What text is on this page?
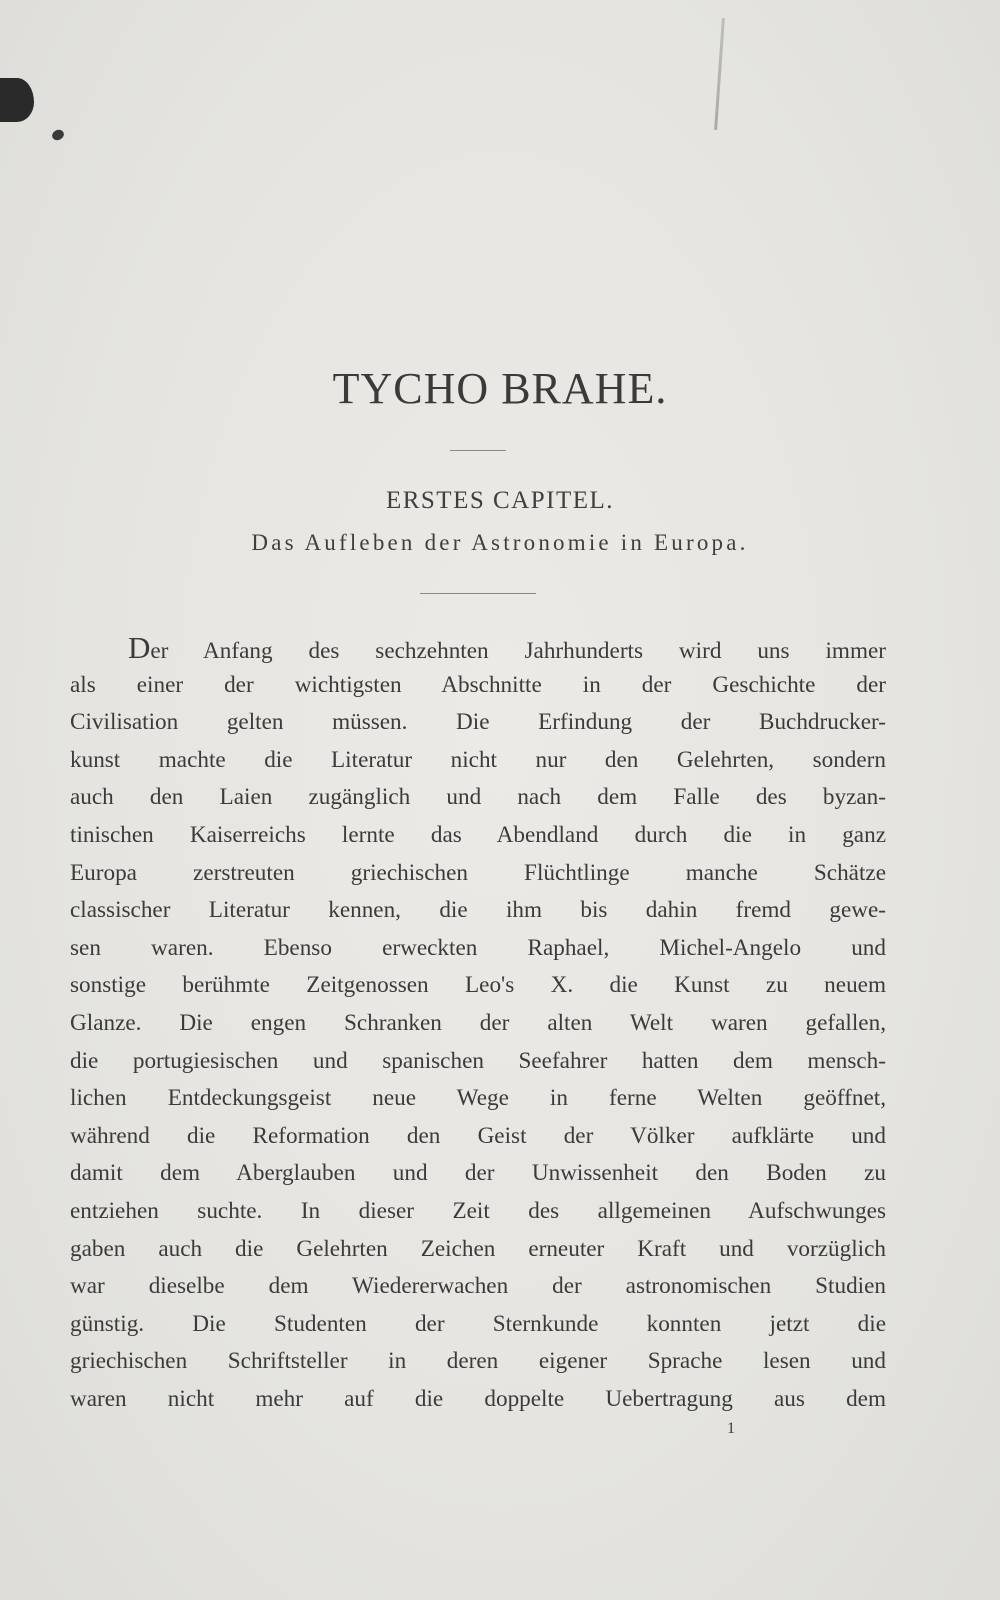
TYCHO BRAHE.
ERSTES CAPITEL.
Das Aufleben der Astronomie in Europa.
Der Anfang des sechzehnten Jahrhunderts wird uns immer
als einer der wichtigsten Abschnitte in der Geschichte der
Civilisation gelten müssen. Die Erfindung der Buchdrucker-
kunst machte die Literatur nicht nur den Gelehrten, sondern
auch den Laien zugänglich und nach dem Falle des byzan-
tinischen Kaiserreichs lernte das Abendland durch die in ganz
Europa zerstreuten griechischen Flüchtlinge manche Schätze
classischer Literatur kennen, die ihm bis dahin fremd gewe-
sen waren. Ebenso erweckten Raphael, Michel-Angelo und
sonstige berühmte Zeitgenossen Leo's X. die Kunst zu neuem
Glanze. Die engen Schranken der alten Welt waren gefallen,
die portugiesischen und spanischen Seefahrer hatten dem mensch-
lichen Entdeckungsgeist neue Wege in ferne Welten geöffnet,
während die Reformation den Geist der Völker aufklärte und
damit dem Aberglauben und der Unwissenheit den Boden zu
entziehen suchte. In dieser Zeit des allgemeinen Aufschwunges
gaben auch die Gelehrten Zeichen erneuter Kraft und vorzüglich
war dieselbe dem Wiedererwachen der astronomischen Studien
günstig. Die Studenten der Sternkunde konnten jetzt die
griechischen Schriftsteller in deren eigener Sprache lesen und
waren nicht mehr auf die doppelte Uebertragung aus dem
1
